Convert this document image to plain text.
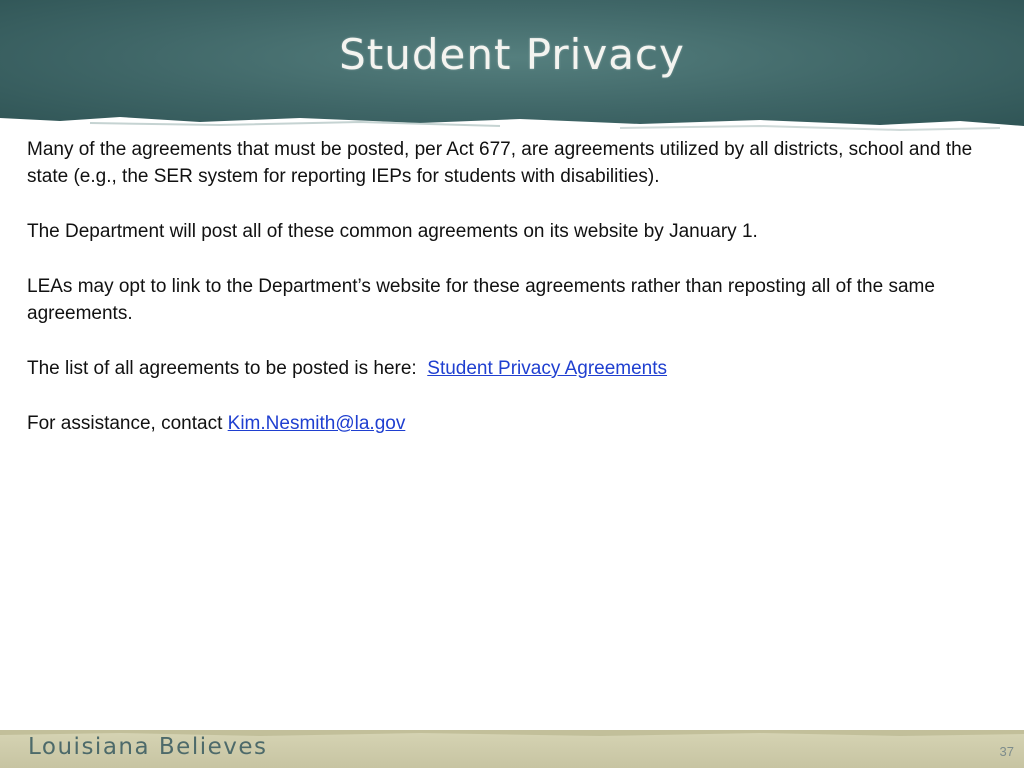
Student Privacy

Many of the agreements that must be posted, per Act 677, are agreements utilized by all districts, school and the state (e.g., the SER system for reporting IEPs for students with disabilities).

The Department will post all of these common agreements on its website by January 1.

LEAs may opt to link to the Department’s website for these agreements rather than reposting all of the same agreements.

The list of all agreements to be posted is here:  Student Privacy Agreements

For assistance, contact Kim.Nesmith@la.gov

Louisiana Believes	37
